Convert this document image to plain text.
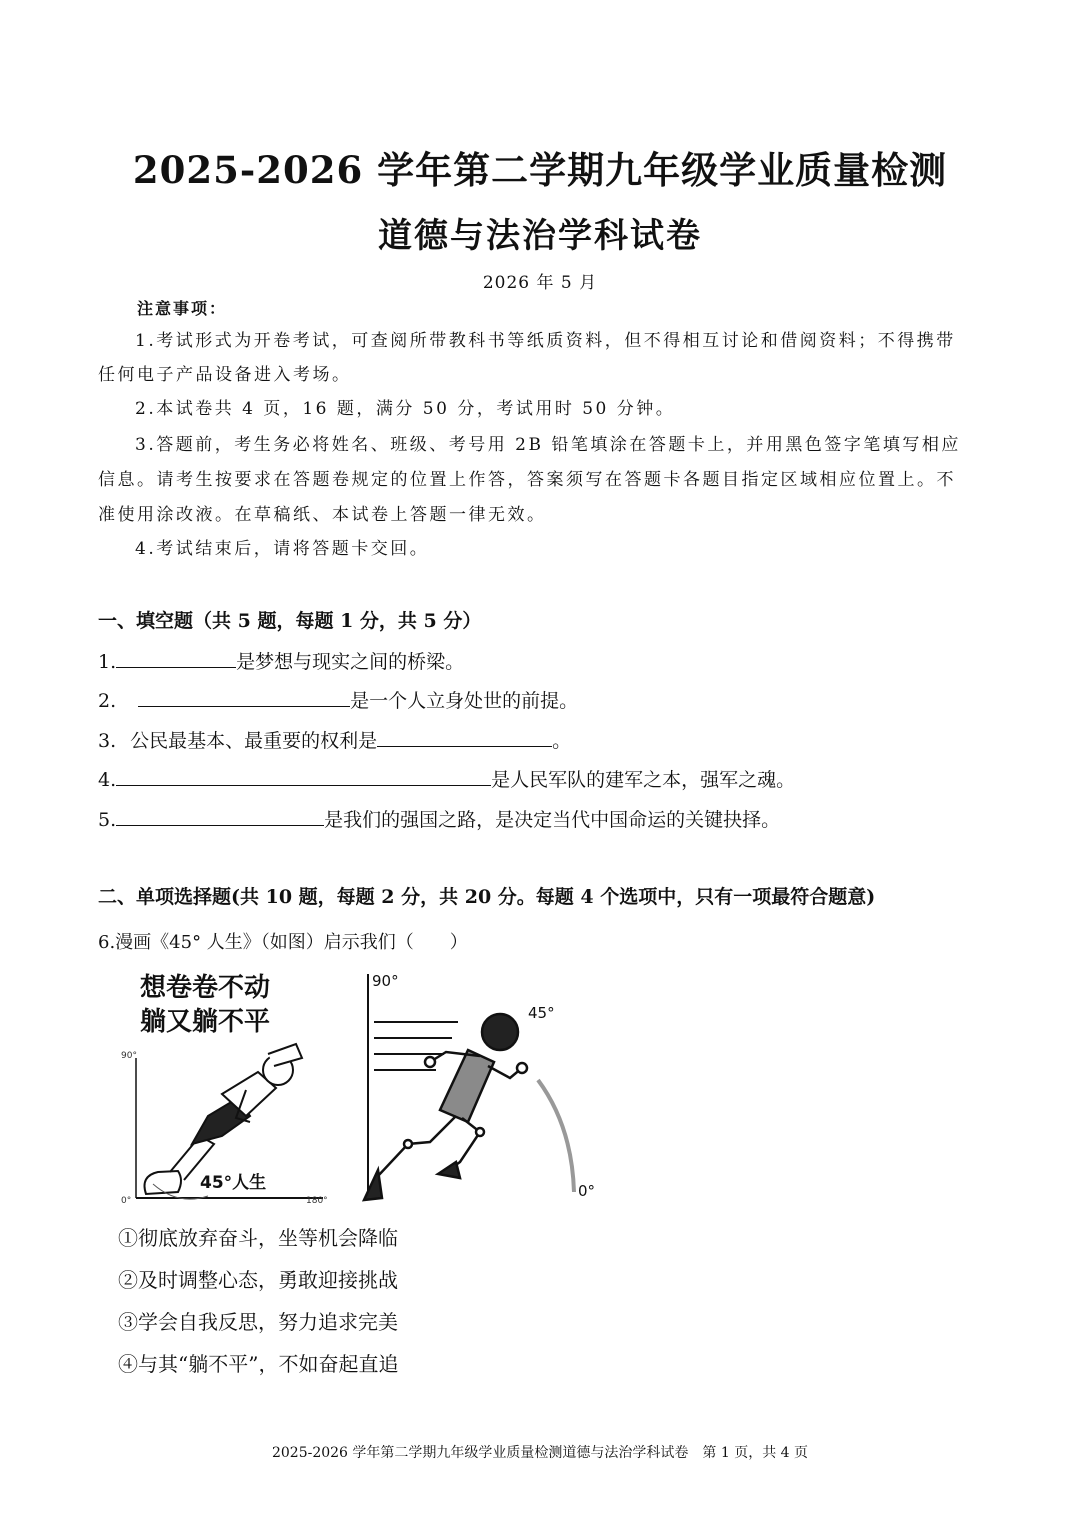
2025-2026 学年第二学期九年级学业质量检测
道德与法治学科试卷
2026 年 5 月
注意事项：
1.考试形式为开卷考试，可查阅所带教科书等纸质资料，但不得相互讨论和借阅资料；不得携带
任何电子产品设备进入考场。
2.本试卷共 4 页，16 题，满分 50 分，考试用时 50 分钟。
3.答题前，考生务必将姓名、班级、考号用 2B 铅笔填涂在答题卡上，并用黑色签字笔填写相应
信息。请考生按要求在答题卷规定的位置上作答，答案须写在答题卡各题目指定区域相应位置上。不
准使用涂改液。在草稿纸、本试卷上答题一律无效。
4.考试结束后，请将答题卡交回。
一、填空题（共 5 题，每题 1 分，共 5 分）
1.	是梦想与现实之间的桥梁。
2.	是一个人立身处世的前提。
3. 公民最基本、最重要的权利是	。
4.	是人民军队的建军之本，强军之魂。
5.	是我们的强国之路，是决定当代中国命运的关键抉择。
二、单项选择题(共 10 题，每题 2 分，共 20 分。每题 4 个选项中，只有一项最符合题意)
6.漫画《45° 人生》（如图）启示我们（　　）
想卷卷不动
躺又躺不平
90°
0°	180°
45°人生
90°
45°
0°
①彻底放弃奋斗，坐等机会降临
②及时调整心态，勇敢迎接挑战
③学会自我反思，努力追求完美
④与其“躺不平”，不如奋起直追
2025-2026 学年第二学期九年级学业质量检测道德与法治学科试卷　第 1 页，共 4 页
